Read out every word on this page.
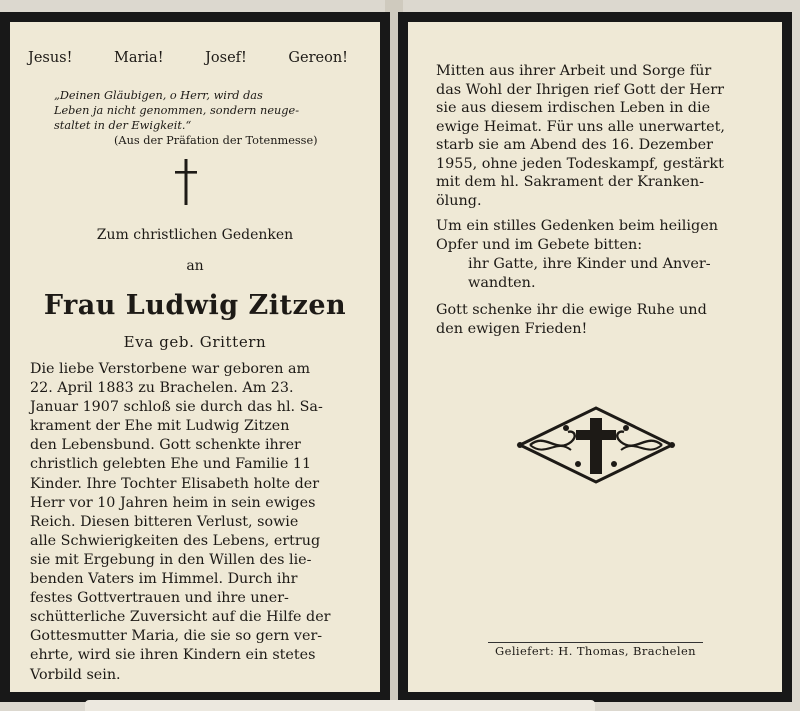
Jesus!	Maria!	Josef!	Gereon!

„Deinen Gläubigen, o Herr, wird das

Leben ja nicht genommen, sondern neuge-

staltet in der Ewigkeit.“

(Aus der Präfation der Totenmesse)

Zum christlichen Gedenken
an
Frau Ludwig Zitzen
Eva geb. Grittern

Die liebe Verstorbene war geboren am

22. April 1883 zu Brachelen. Am 23.

Januar 1907 schloß sie durch das hl. Sa-

krament der Ehe mit Ludwig Zitzen

den Lebensbund. Gott schenkte ihrer

christlich gelebten Ehe und Familie 11

Kinder. Ihre Tochter Elisabeth holte der

Herr vor 10 Jahren heim in sein ewiges

Reich. Diesen bitteren Verlust, sowie

alle Schwierigkeiten des Lebens, ertrug

sie mit Ergebung in den Willen des lie-

benden Vaters im Himmel. Durch ihr

festes Gottvertrauen und ihre uner-

schütterliche Zuversicht auf die Hilfe der

Gottesmutter Maria, die sie so gern ver-

ehrte, wird sie ihren Kindern ein stetes

Vorbild sein.

Mitten aus ihrer Arbeit und Sorge für

das Wohl der Ihrigen rief Gott der Herr

sie aus diesem irdischen Leben in die

ewige Heimat. Für uns alle unerwartet,

starb sie am Abend des 16. Dezember

1955, ohne jeden Todeskampf, gestärkt

mit dem hl. Sakrament der Kranken-

ölung.

Um ein stilles Gedenken beim heiligen

Opfer und im Gebete bitten:

ihr Gatte, ihre Kinder und Anver-

wandten.

Gott schenke ihr die ewige Ruhe und

den ewigen Frieden!

Geliefert: H. Thomas, Brachelen
